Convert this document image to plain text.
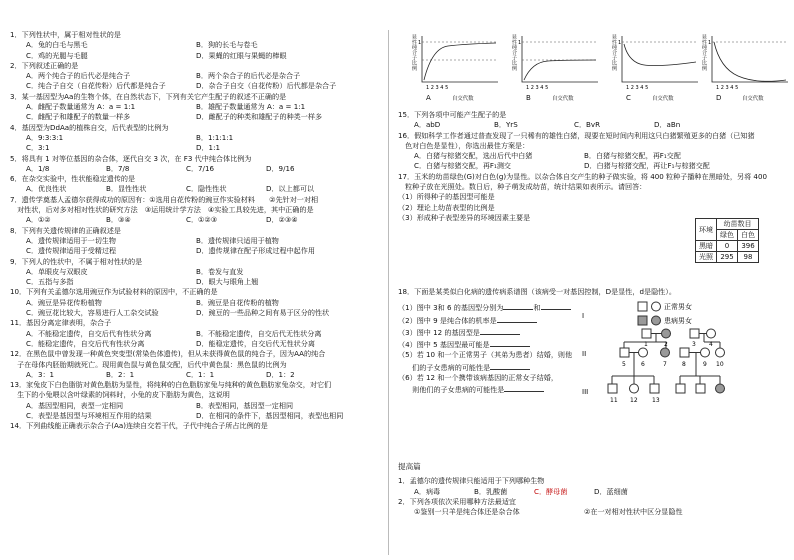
1．下列性状中，属于相对性状的是
A．兔的白毛与黑毛	B．狗的长毛与卷毛
C．鸡的光腿与毛腿	D．果蝇的红眼与果蝇的棒眼
2．下列叙述正确的是
A．两个纯合子的后代必是纯合子	B．两个杂合子的后代必是杂合子
C．纯合子自交（自花传粉）后代都是纯合子	D．杂合子自交（自花传粉）后代都是杂合子
3．某一基因型为Aa的生物个体，在自然状态下，下列有关它产生配子的叙述不正确的是
A．雌配子数量通常为 A：a = 1:1	B．雄配子数量通常为 A：a = 1:1
C．雌配子和雄配子的数量一样多	D．雌配子的种类和雄配子的种类一样多
4．基因型为DdAa的植株自交，后代表型的比例为
A．9:3:3:1	B．1:1:1:1
C．3:1	D．1:1
5．将具有 1 对等位基因的杂合体，逐代自交 3 次，在 F3 代中纯合体比例为
A．1/8	B．7/8	C．7/16	D．9/16
6．在杂交实验中，性状能稳定遗传的是
A．优良性状	B．显性性状	C．隐性性状	D．以上都可以
7．遗传学奠基人孟德尔获得成功的原因有：①选用自花传粉的豌豆作实验材料　　②先针对一对相
　对性状，后对多对相对性状的研究方法　③运用统计学方法　④实验工具较先进，其中正确的是
A．①②	B．③④	C．①②③	D．②③④
8．下列有关遗传规律的正确叙述是
A．遗传规律适用于一切生物	B．遗传规律只适用于植物
C．遗传规律适用于受精过程	D．遗传规律在配子形成过程中起作用
9．下列人的性状中，不属于相对性状的是
A．单眼皮与双眼皮	B．卷发与直发
C．五指与多指	D．眼大与眼角上翘
10．下列有关孟德尔选用豌豆作为试验材料的原因中，不正确的是
A．豌豆是异花传粉植物	B．豌豆是自花传粉的植物
C．豌豆花比较大，容易进行人工杂交试验	D．豌豆的一些品种之间有易于区分的性状
11．基因分离定律表明，杂合子
A．不能稳定遗传，自交后代有性状分离	B．不能稳定遗传，自交后代无性状分离
C．能稳定遗传，自交后代有性状分离	D．能稳定遗传，自交后代无性状分离
12．在黑色鼠中曾发现一种黄色突变型(常染色体遗传)，但从未获得黄色鼠的纯合子，因为AA的纯合
　子在母体内胚胎期就死亡。现用黄色鼠与黄色鼠交配，后代中黄色鼠：黑色鼠的比例为
A．3：1	B．2：1	C．1：1	D．1：2
13．家兔皮下白色脂肪对黄色脂肪为显性，将纯种的白色脂肪家兔与纯种的黄色脂肪家兔杂交，对它们
　生下的小兔喂以含叶绿素的饲料时，小兔的皮下脂肪为黄色，这说明
A．基因型相同，表型一定相同	B．表型相同，基因型一定相同
C．表型是基因型与环境相互作用的结果	D．在相同的条件下，基因型相同，表型也相同
14．下列曲线能正确表示杂合子(Aa)连续自交若干代，子代中纯合子所占比例的是
显性纯合子比例 1
1 2 3 4 5
自交代数
A
显性纯合子比例 1
1 2 3 4 5
自交代数
B
显性纯合子比例 1
1 2 3 4 5
自交代数
C
显性纯合子比例 1
1 2 3 4 5
自交代数
D
15．下列各项中可能产生配子的是
A．abD	B．YrS	C．BvR	D．aBn
16．假如科学工作者通过普查发现了一只稀有的雄性白猪，现要在短时间内利用这只白猪繁殖更多的白猪（已知猪
　色对白色是显性），你选出最佳方案是：
A．白猪与棕猪交配，选出后代中白猪	B．白猪与棕猪交配，再F₁交配
C．白猪与棕猪交配，再F₁测交	D．白猪与棕猪交配，再让F₁与棕猪交配
17．玉米的幼苗绿色(G)对白色(g)为显性。以杂合体自交产生的种子做实验，将 400 粒种子播种在黑暗处，另将 400
　粒种子放在光照处。数日后，种子萌发成幼苗，统计结果如表所示。请回答：
（1）所得种子的基因型可能是
（2）理论上幼苗表型的比例是
（3）形成种子表型差异的环境因素主要是
环境	幼苗数目	
	绿色	白色
黑暗	0	396
光照	295	98
18．下面是某类似白化病的遗传病系谱图（该病受一对基因控制，D是显性，d是隐性）。
（1）图中 3和 6 的基因型分别为	和
（2）图中 9 是纯合体的机率是
（3）图中 12 的基因型是
（4）图中 5 基因型最可能是
（5）若 10 和一个正常男子（其弟为患者）结婚，则他
　　们的子女患病的可能性是
（6）若 12 和一个携带该病基因的正常女子结婚，
　　则他们的子女患病的可能性是
正常男女
患病男女
I
II
III
1	2	3 4
5	6	7	8	9 10
11 12 13
提高篇
1．孟德尔的遗传规律只能适用于下列哪种生物
A．病毒	B．乳酸菌	C．酵母菌	D．蓝细菌
2．下列各项依次采用哪种方法最适宜
①鉴别一只羊是纯合体还是杂合体	②在一对相对性状中区分显隐性
